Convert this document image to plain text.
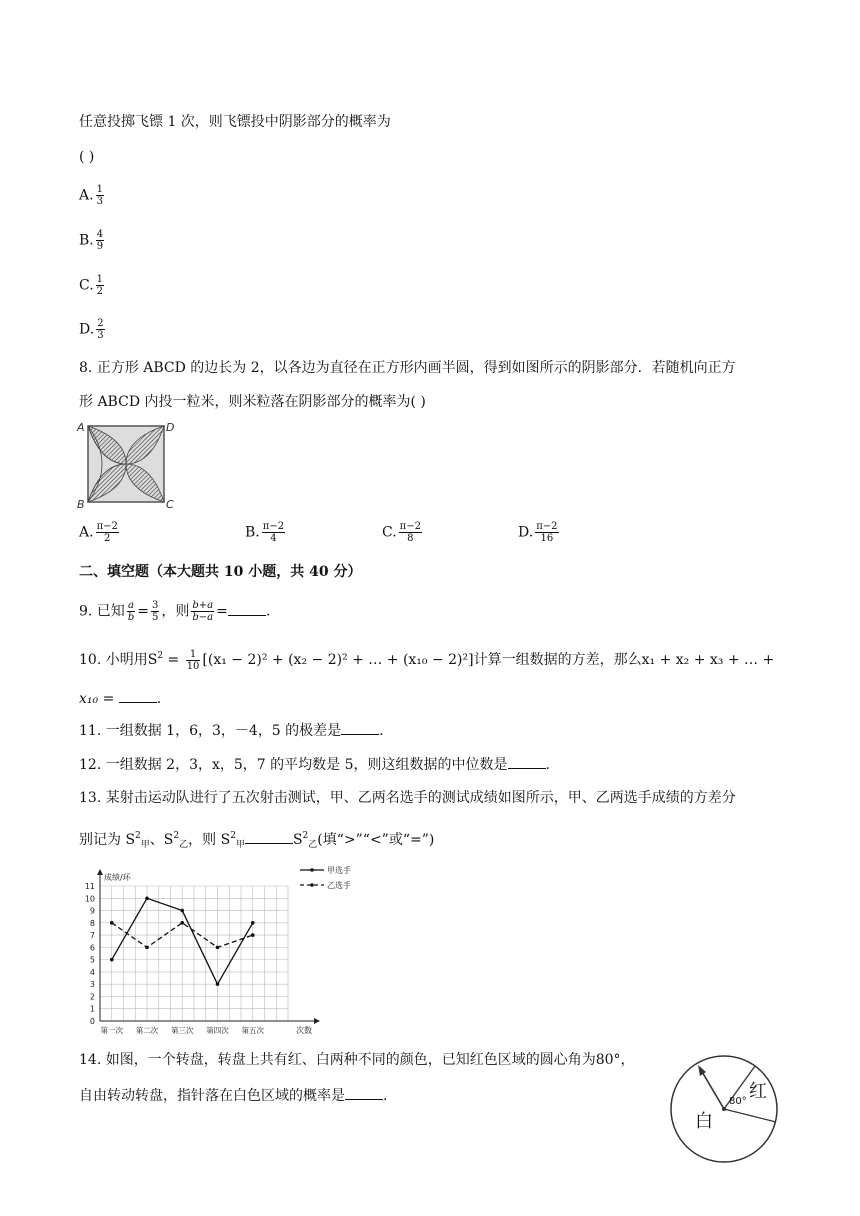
任意投掷飞镖 1 次，则飞镖投中阴影部分的概率为
( )
A. $\frac{1}{3}$
B. $\frac{4}{9}$
C. $\frac{1}{2}$
D. $\frac{2}{3}$
8. 正方形 ABCD 的边长为 2，以各边为直径在正方形内画半圆，得到如图所示的阴影部分．若随机向正方
形 ABCD 内投一粒米，则米粒落在阴影部分的概率为( )
A	D
B	C
A. $\frac{\pi-2}{2}$	B. $\frac{\pi-2}{4}$	C. $\frac{\pi-2}{8}$	D. $\frac{\pi-2}{16}$
二、填空题（本大题共 10 小题，共 40 分）
9. 已知 $\frac{a}{b} = \frac{3}{5}$ ，则 $\frac{b+a}{b-a}$ =	.
10. 小明用$S^2 = \frac{1}{10} [(x_1 - 2)^2 + (x_2 - 2)^2$ + … + (x₁₀ − 2)²]计算一组数据的方差，那么x₁ + x₂ + x₃ + … +
x₁₀ =	.
11. 一组数据 1，6，3，－4，5 的极差是	.
12. 一组数据 2，3，x，5，7 的平均数是 5，则这组数据的中位数是	.
13. 某射击运动队进行了五次射击测试，甲、乙两名选手的测试成绩如图所示，甲、乙两选手成绩的方差分
别记为 $S^2_甲$、$S^2_乙$，则 $S^2_甲$	$S^2_乙$(填“>”“<”或“=”)
0
1
2
3
4
5
6
7
8
9
10
11
成绩/环
次数
第一次 第二次 第三次 第四次 第五次
甲选手
乙选手
14. 如图，一个转盘，转盘上共有红、白两种不同的颜色，已知红色区域的圆心角为80°，
自由转动转盘，指针落在白色区域的概率是	.	红
白
80°
